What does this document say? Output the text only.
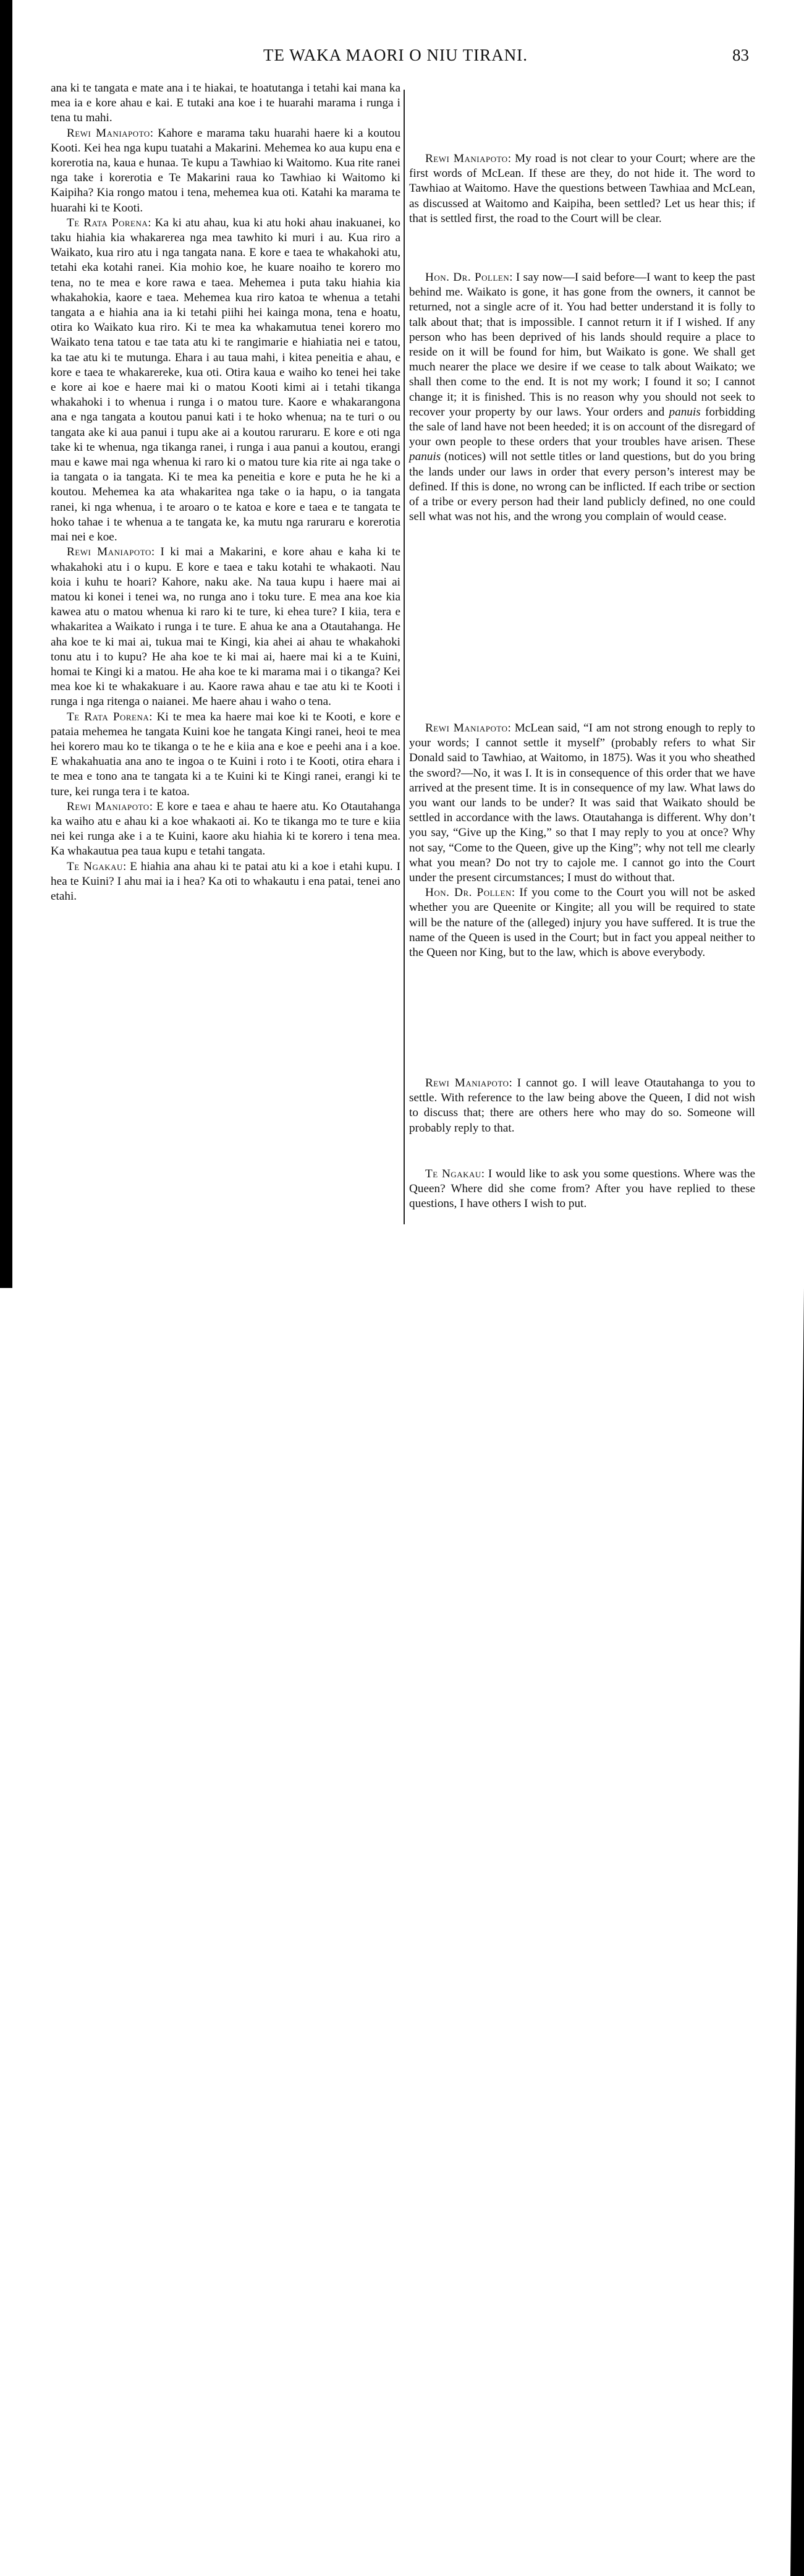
TE WAKA MAORI O NIU TIRANI.	83

ana ki te tangata e mate ana i te hiakai, te hoatutanga i tetahi kai mana ka mea ia e kore ahau e kai. E tutaki ana koe i te huarahi marama i runga i tena tu mahi.

Rewi Maniapoto: Kahore e marama taku huarahi haere ki a koutou Kooti. Kei hea nga kupu tuatahi a Makarini. Mehemea ko aua kupu ena e korerotia na, kaua e hunaa. Te kupu a Tawhiao ki Waitomo. Kua rite ranei nga take i korerotia e Te Makarini raua ko Tawhiao ki Waitomo ki Kaipiha? Kia rongo matou i tena, mehemea kua oti. Katahi ka marama te huarahi ki te Kooti.

Te Rata Porena: Ka ki atu ahau, kua ki atu hoki ahau inakuanei, ko taku hiahia kia whakarerea nga mea tawhito ki muri i au. Kua riro a Waikato, kua riro atu i nga tangata nana. E kore e taea te whakahoki atu, tetahi eka kotahi ranei. Kia mohio koe, he kuare noaiho te korero mo tena, no te mea e kore rawa e taea. Mehemea i puta taku hiahia kia whakahokia, kaore e taea. Mehemea kua riro katoa te whenua a tetahi tangata a e hiahia ana ia ki tetahi piihi hei kainga mona, tena e hoatu, otira ko Waikato kua riro. Ki te mea ka whakamutua tenei korero mo Waikato tena tatou e tae tata atu ki te rangimarie e hiahiatia nei e tatou, ka tae atu ki te mutunga. Ehara i au taua mahi, i kitea peneitia e ahau, e kore e taea te whakarereke, kua oti. Otira kaua e waiho ko tenei hei take e kore ai koe e haere mai ki o matou Kooti kimi ai i tetahi tikanga whakahoki i to whenua i runga i o matou ture. Kaore e whakarangona ana e nga tangata a koutou panui kati i te hoko whenua; na te turi o ou tangata ake ki aua panui i tupu ake ai a koutou raruraru. E kore e oti nga take ki te whenua, nga tikanga ranei, i runga i aua panui a koutou, erangi mau e kawe mai nga whenua ki raro ki o matou ture kia rite ai nga take o ia tangata o ia tangata. Ki te mea ka peneitia e kore e puta he he ki a koutou. Mehemea ka ata whakaritea nga take o ia hapu, o ia tangata ranei, ki nga whenua, i te aroaro o te katoa e kore e taea e te tangata te hoko tahae i te whenua a te tangata ke, ka mutu nga raruraru e korerotia mai nei e koe.

Rewi Maniapoto: I ki mai a Makarini, e kore ahau e kaha ki te whakahoki atu i o kupu. E kore e taea e taku kotahi te whakaoti. Nau koia i kuhu te hoari? Kahore, naku ake. Na taua kupu i haere mai ai matou ki konei i tenei wa, no runga ano i toku ture. E mea ana koe kia kawea atu o matou whenua ki raro ki te ture, ki ehea ture? I kiia, tera e whakaritea a Waikato i runga i te ture. E ahua ke ana a Otautahanga. He aha koe te ki mai ai, tukua mai te Kingi, kia ahei ai ahau te whakahoki tonu atu i to kupu? He aha koe te ki mai ai, haere mai ki a te Kuini, homai te Kingi ki a matou. He aha koe te ki marama mai i o tikanga? Kei mea koe ki te whakakuare i au. Kaore rawa ahau e tae atu ki te Kooti i runga i nga ritenga o naianei. Me haere ahau i waho o tena.

Te Rata Porena: Ki te mea ka haere mai koe ki te Kooti, e kore e pataia mehemea he tangata Kuini koe he tangata Kingi ranei, heoi te mea hei korero mau ko te tikanga o te he e kiia ana e koe e peehi ana i a koe. E whakahuatia ana ano te ingoa o te Kuini i roto i te Kooti, otira ehara i te mea e tono ana te tangata ki a te Kuini ki te Kingi ranei, erangi ki te ture, kei runga tera i te katoa.

Rewi Maniapoto: E kore e taea e ahau te haere atu. Ko Otautahanga ka waiho atu e ahau ki a koe whakaoti ai. Ko te tikanga mo te ture e kiia nei kei runga ake i a te Kuini, kaore aku hiahia ki te korero i tena mea. Ka whakautua pea taua kupu e tetahi tangata.

Te Ngakau: E hiahia ana ahau ki te patai atu ki a koe i etahi kupu. I hea te Kuini? I ahu mai ia i hea? Ka oti to whakautu i ena patai, tenei ano etahi.

Rewi Maniapoto: My road is not clear to your Court; where are the first words of McLean. If these are they, do not hide it. The word to Tawhiao at Waitomo. Have the questions between Tawhiaa and McLean, as discussed at Waitomo and Kaipiha, been settled? Let us hear this; if that is settled first, the road to the Court will be clear.

Hon. Dr. Pollen: I say now—I said before—I want to keep the past behind me. Waikato is gone, it has gone from the owners, it cannot be returned, not a single acre of it. You had better understand it is folly to talk about that; that is impossible. I cannot return it if I wished. If any person who has been deprived of his lands should require a place to reside on it will be found for him, but Waikato is gone. We shall get much nearer the place we desire if we cease to talk about Waikato; we shall then come to the end. It is not my work; I found it so; I cannot change it; it is finished. This is no reason why you should not seek to recover your property by our laws. Your orders and panuis forbidding the sale of land have not been heeded; it is on account of the disregard of your own people to these orders that your troubles have arisen. These panuis (notices) will not settle titles or land questions, but do you bring the lands under our laws in order that every person’s interest may be defined. If this is done, no wrong can be inflicted. If each tribe or section of a tribe or every person had their land publicly defined, no one could sell what was not his, and the wrong you complain of would cease.

Rewi Maniapoto: McLean said, “I am not strong enough to reply to your words; I cannot settle it myself” (probably refers to what Sir Donald said to Tawhiao, at Waitomo, in 1875). Was it you who sheathed the sword?—No, it was I. It is in consequence of this order that we have arrived at the present time. It is in consequence of my law. What laws do you want our lands to be under? It was said that Waikato should be settled in accordance with the laws. Otautahanga is different. Why don’t you say, “Give up the King,” so that I may reply to you at once? Why not say, “Come to the Queen, give up the King”; why not tell me clearly what you mean? Do not try to cajole me. I cannot go into the Court under the present circumstances; I must do without that.

Hon. Dr. Pollen: If you come to the Court you will not be asked whether you are Queenite or Kingite; all you will be required to state will be the nature of the (alleged) injury you have suffered. It is true the name of the Queen is used in the Court; but in fact you appeal neither to the Queen nor King, but to the law, which is above everybody.

Rewi Maniapoto: I cannot go. I will leave Otautahanga to you to settle. With reference to the law being above the Queen, I did not wish to discuss that; there are others here who may do so. Someone will probably reply to that.

Te Ngakau: I would like to ask you some questions. Where was the Queen? Where did she come from? After you have replied to these questions, I have others I wish to put.
